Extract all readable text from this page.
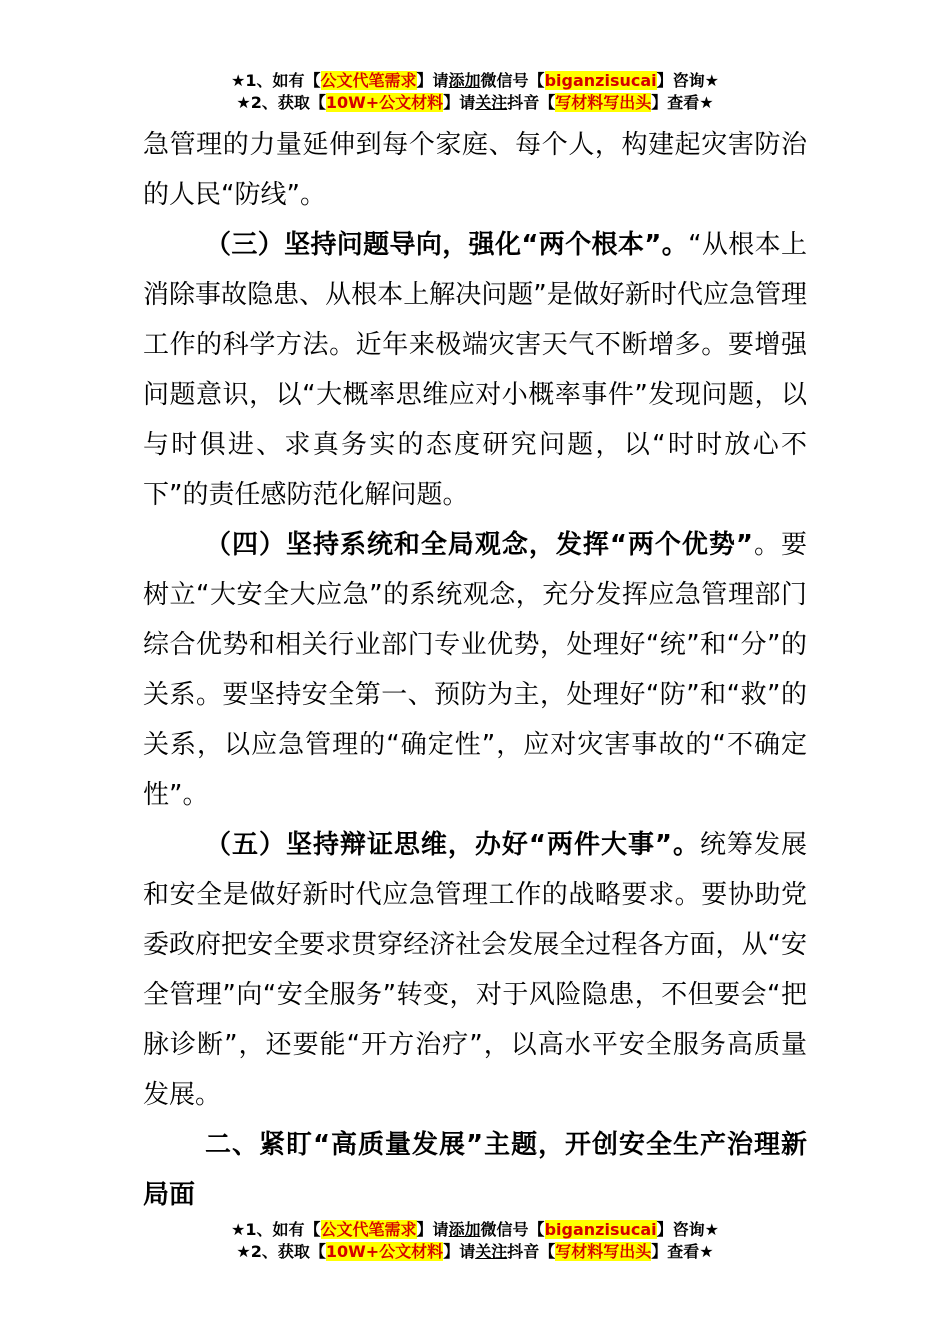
★1、如有【公文代笔需求】请添加微信号【biganzisucai】咨询★
★2、获取【10W+公文材料】请关注抖音【写材料写出头】查看★

急管理的力量延伸到每个家庭、每个人，构建起灾害防治的人民“防线”。

（三）坚持问题导向，强化“两个根本”。“从根本上消除事故隐患、从根本上解决问题”是做好新时代应急管理工作的科学方法。近年来极端灾害天气不断增多。要增强问题意识，以“大概率思维应对小概率事件”发现问题，以与时俱进、求真务实的态度研究问题，以“时时放心不下”的责任感防范化解问题。

（四）坚持系统和全局观念，发挥“两个优势”。要树立“大安全大应急”的系统观念，充分发挥应急管理部门综合优势和相关行业部门专业优势，处理好“统”和“分”的关系。要坚持安全第一、预防为主，处理好“防”和“救”的关系，以应急管理的“确定性”，应对灾害事故的“不确定性”。

（五）坚持辩证思维，办好“两件大事”。统筹发展和安全是做好新时代应急管理工作的战略要求。要协助党委政府把安全要求贯穿经济社会发展全过程各方面，从“安全管理”向“安全服务”转变，对于风险隐患，不但要会“把脉诊断”，还要能“开方治疗”，以高水平安全服务高质量发展。

二、紧盯“高质量发展”主题，开创安全生产治理新局面

★1、如有【公文代笔需求】请添加微信号【biganzisucai】咨询★
★2、获取【10W+公文材料】请关注抖音【写材料写出头】查看★
